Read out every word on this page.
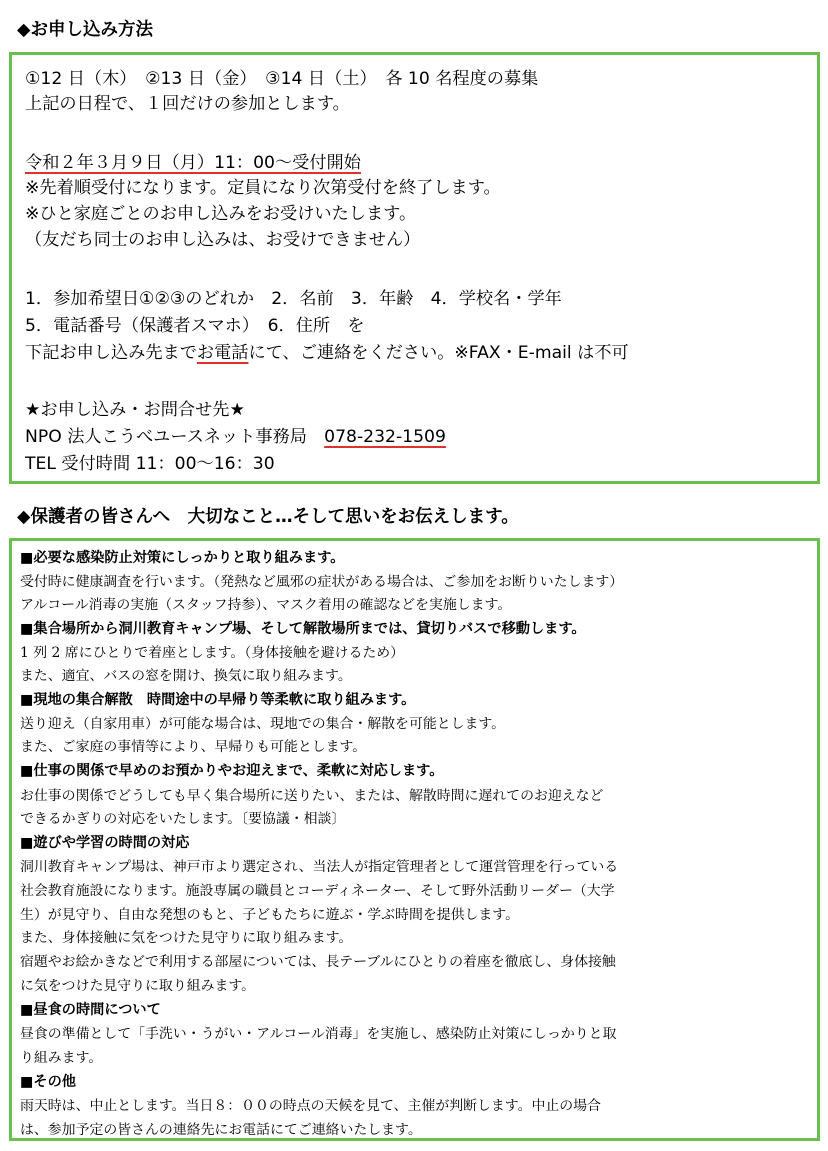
◆お申し込み方法
①12 日（木）　②13 日（金）　③14 日（土）　各 10 名程度の募集
上記の日程で、１回だけの参加とします。
令和２年３月９日（月）11：00～受付開始
※先着順受付になります。定員になり次第受付を終了します。
※ひと家庭ごとのお申し込みをお受けいたします。
（友だち同士のお申し込みは、お受けできません）
1．参加希望日①②③のどれか　2．名前　3．年齢　4．学校名・学年
5．電話番号（保護者スマホ）　6．住所　を
下記お申し込み先までお電話にて、ご連絡をください。※FAX・E-mail は不可
★お申し込み・お問合せ先★
NPO 法人こうべユースネット事務局　078-232-1509
TEL 受付時間 11：00～16：30
◆保護者の皆さんへ　大切なこと…そして思いをお伝えします。
■必要な感染防止対策にしっかりと取り組みます。
受付時に健康調査を行います。（発熱など風邪の症状がある場合は、ご参加をお断りいたします）
アルコール消毒の実施（スタッフ持参）、マスク着用の確認などを実施します。
■集合場所から洞川教育キャンプ場、そして解散場所までは、貸切りバスで移動します。
1 列 2 席にひとりで着座とします。（身体接触を避けるため）
また、適宜、バスの窓を開け、換気に取り組みます。
■現地の集合解散　時間途中の早帰り等柔軟に取り組みます。
送り迎え（自家用車）が可能な場合は、現地での集合・解散を可能とします。
また、ご家庭の事情等により、早帰りも可能とします。
■仕事の関係で早めのお預かりやお迎えまで、柔軟に対応します。
お仕事の関係でどうしても早く集合場所に送りたい、または、解散時間に遅れてのお迎えなど
できるかぎりの対応をいたします。〔要協議・相談〕
■遊びや学習の時間の対応
洞川教育キャンプ場は、神戸市より選定され、当法人が指定管理者として運営管理を行っている
社会教育施設になります。施設専属の職員とコーディネーター、そして野外活動リーダー（大学
生）が見守り、自由な発想のもと、子どもたちに遊ぶ・学ぶ時間を提供します。
また、身体接触に気をつけた見守りに取り組みます。
宿題やお絵かきなどで利用する部屋については、長テーブルにひとりの着座を徹底し、身体接触
に気をつけた見守りに取り組みます。
■昼食の時間について
昼食の準備として「手洗い・うがい・アルコール消毒」を実施し、感染防止対策にしっかりと取
り組みます。
■その他
雨天時は、中止とします。当日８：００の時点の天候を見て、主催が判断します。中止の場合
は、参加予定の皆さんの連絡先にお電話にてご連絡いたします。
